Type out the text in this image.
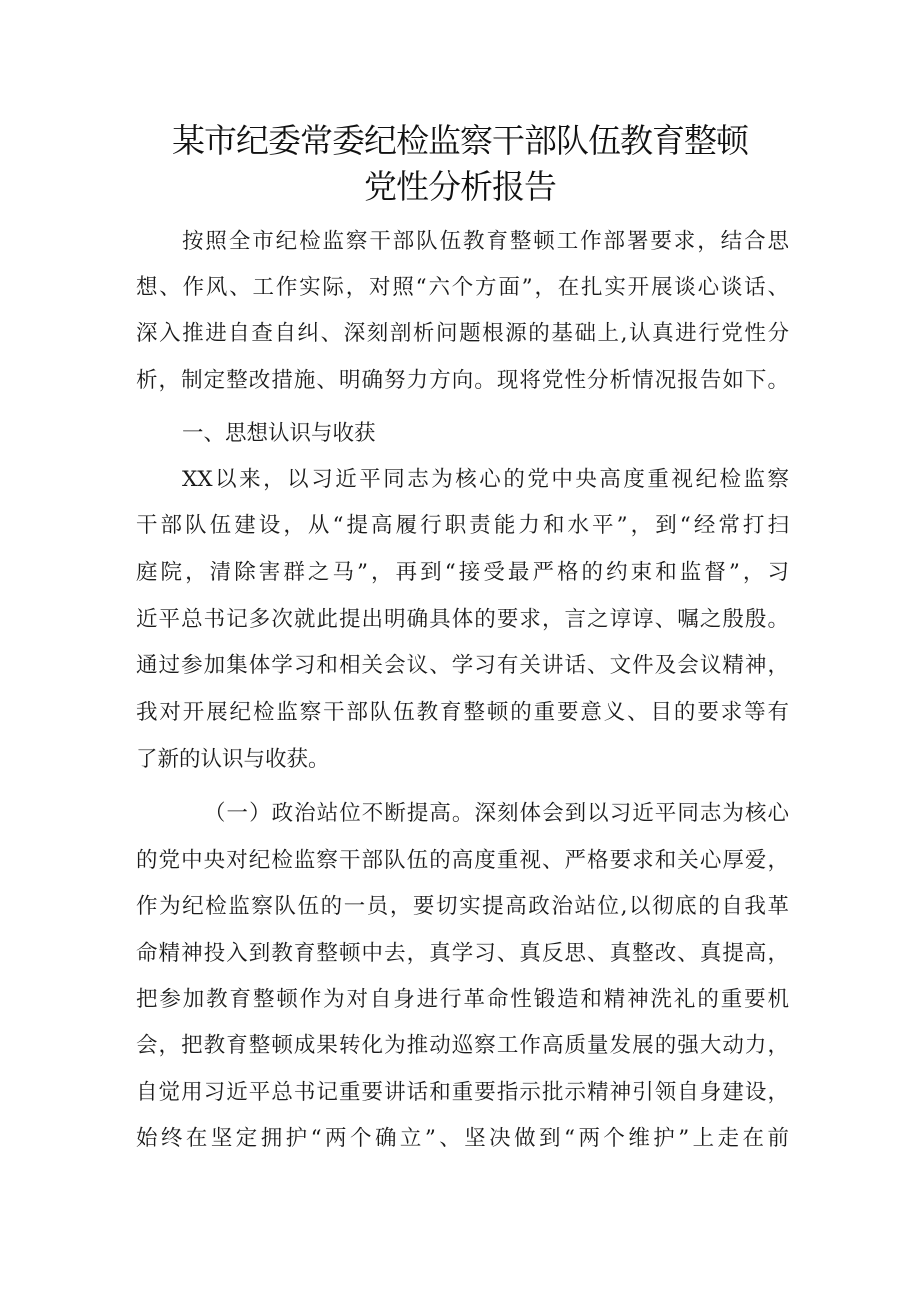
某市纪委常委纪检监察干部队伍教育整顿
党性分析报告
按照全市纪检监察干部队伍教育整顿工作部署要求，结合思
想、作风、工作实际，对照“六个方面”，在扎实开展谈心谈话、
深入推进自查自纠、深刻剖析问题根源的基础上,认真进行党性分
析，制定整改措施、明确努力方向。现将党性分析情况报告如下。
一、思想认识与收获
XX以来，以习近平同志为核心的党中央高度重视纪检监察
干部队伍建设，从“提高履行职责能力和水平”，到“经常打扫
庭院，清除害群之马”，再到“接受最严格的约束和监督”，习
近平总书记多次就此提出明确具体的要求，言之谆谆、嘱之殷殷。
通过参加集体学习和相关会议、学习有关讲话、文件及会议精神，
我对开展纪检监察干部队伍教育整顿的重要意义、目的要求等有
了新的认识与收获。
（一）政治站位不断提高。深刻体会到以习近平同志为核心
的党中央对纪检监察干部队伍的高度重视、严格要求和关心厚爱，
作为纪检监察队伍的一员，要切实提高政治站位,以彻底的自我革
命精神投入到教育整顿中去，真学习、真反思、真整改、真提高，
把参加教育整顿作为对自身进行革命性锻造和精神洗礼的重要机
会，把教育整顿成果转化为推动巡察工作高质量发展的强大动力，
自觉用习近平总书记重要讲话和重要指示批示精神引领自身建设，
始终在坚定拥护“两个确立”、坚决做到“两个维护”上走在前
